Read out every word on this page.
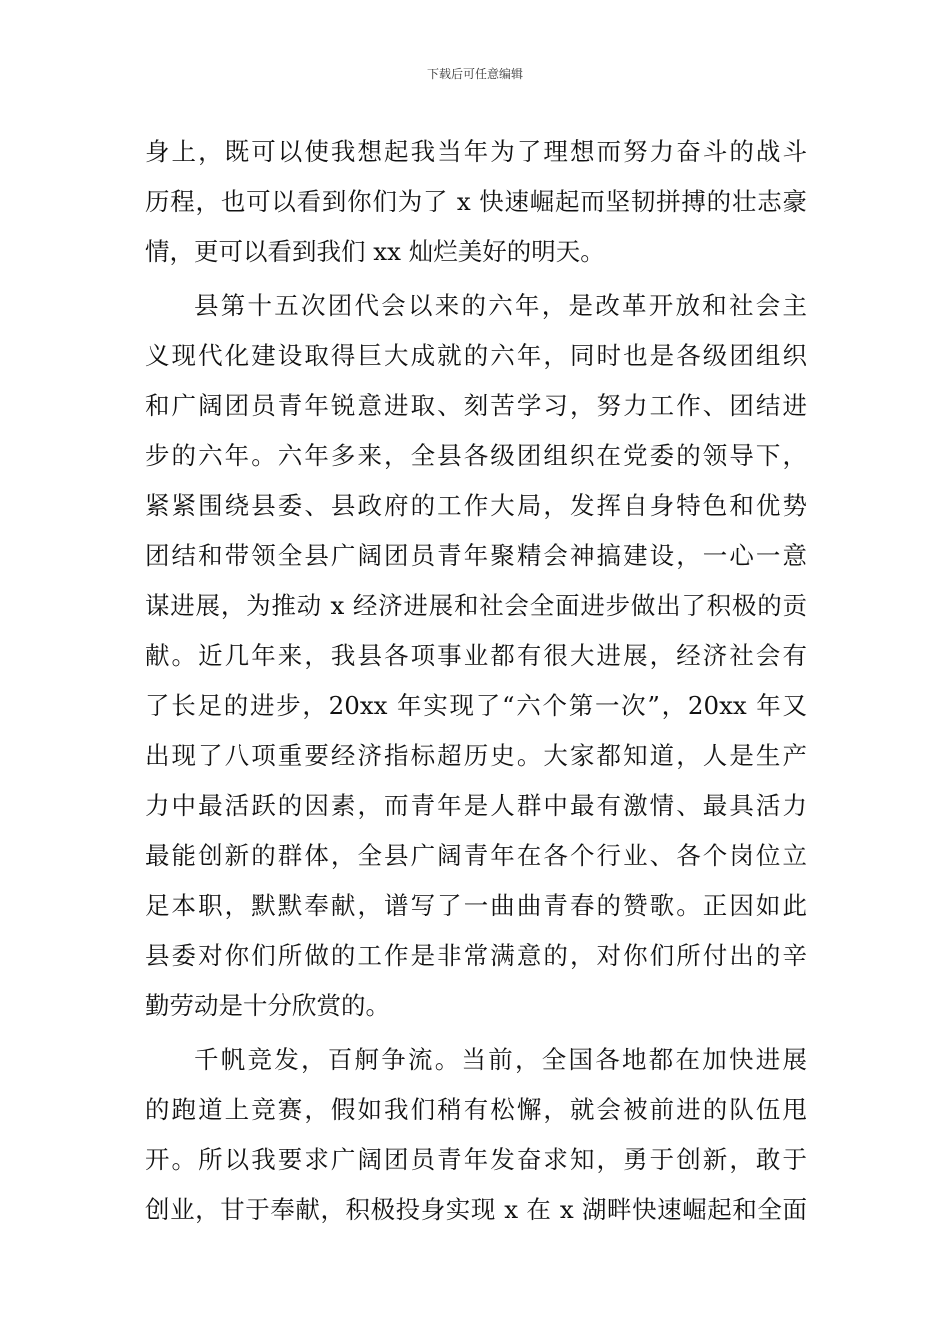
下载后可任意编辑
身上，既可以使我想起我当年为了理想而努力奋斗的战斗
历程，也可以看到你们为了 x 快速崛起而坚韧拼搏的壮志豪
情，更可以看到我们 xx 灿烂美好的明天。
县第十五次团代会以来的六年，是改革开放和社会主
义现代化建设取得巨大成就的六年，同时也是各级团组织
和广阔团员青年锐意进取、刻苦学习，努力工作、团结进
步的六年。六年多来，全县各级团组织在党委的领导下，
紧紧围绕县委、县政府的工作大局，发挥自身特色和优势
团结和带领全县广阔团员青年聚精会神搞建设，一心一意
谋进展，为推动 x 经济进展和社会全面进步做出了积极的贡
献。近几年来，我县各项事业都有很大进展，经济社会有
了长足的进步，20xx 年实现了“六个第一次”，20xx 年又
出现了八项重要经济指标超历史。大家都知道，人是生产
力中最活跃的因素，而青年是人群中最有激情、最具活力
最能创新的群体，全县广阔青年在各个行业、各个岗位立
足本职，默默奉献，谱写了一曲曲青春的赞歌。正因如此
县委对你们所做的工作是非常满意的，对你们所付出的辛
勤劳动是十分欣赏的。
千帆竞发，百舸争流。当前，全国各地都在加快进展
的跑道上竞赛，假如我们稍有松懈，就会被前进的队伍甩
开。所以我要求广阔团员青年发奋求知，勇于创新，敢于
创业，甘于奉献，积极投身实现 x 在 x 湖畔快速崛起和全面
